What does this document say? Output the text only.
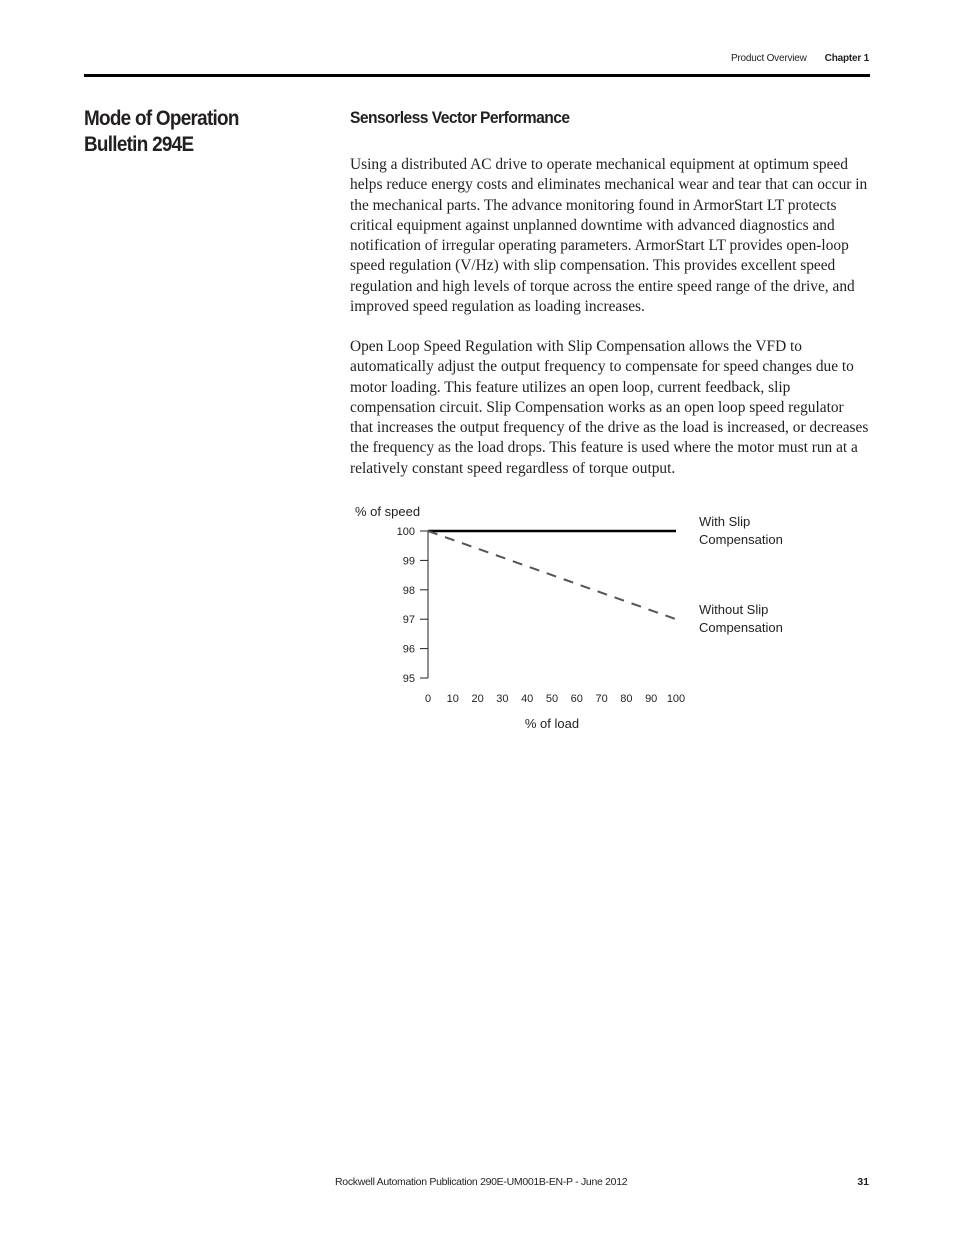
Product Overview Chapter 1
Mode of Operation
Bulletin 294E
Sensorless Vector Performance

Using a distributed AC drive to operate mechanical equipment at optimum speed helps reduce energy costs and eliminates mechanical wear and tear that can occur in the mechanical parts. The advance monitoring found in ArmorStart LT protects critical equipment against unplanned downtime with advanced diagnostics and notification of irregular operating parameters. ArmorStart LT provides open-loop speed regulation (V/Hz) with slip compensation. This provides excellent speed regulation and high levels of torque across the entire speed range of the drive, and improved speed regulation as loading increases.

Open Loop Speed Regulation with Slip Compensation allows the VFD to automatically adjust the output frequency to compensate for speed changes due to motor loading. This feature utilizes an open loop, current feedback, slip compensation circuit. Slip Compensation works as an open loop speed regulator that increases the output frequency of the drive as the load is increased, or decreases the frequency as the load drops. This feature is used where the motor must run at a relatively constant speed regardless of torque output.

95
96
97
98
99
100
0 10 20 30 40 50 60 70 80 90 100
% of speed
% of load
With Slip Compensation
Without Slip Compensation
Rockwell Automation Publication 290E-UM001B-EN-P - June 2012	31
